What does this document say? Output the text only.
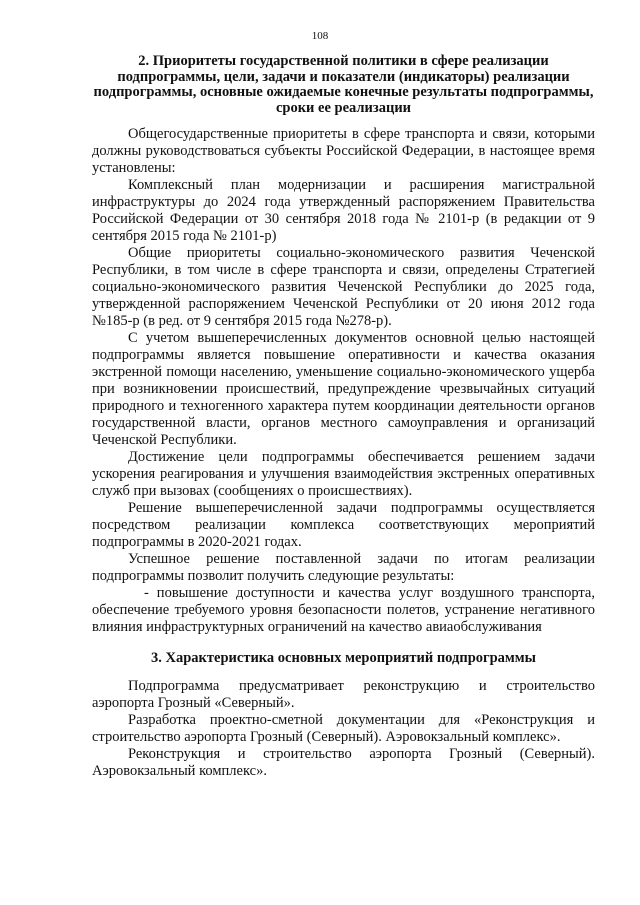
108
2. Приоритеты государственной политики в сфере реализации подпрограммы, цели, задачи и показатели (индикаторы) реализации подпрограммы, основные ожидаемые конечные результаты подпрограммы, сроки ее реализации

Общегосударственные приоритеты в сфере транспорта и связи, которыми должны руководствоваться субъекты Российской Федерации, в настоящее время установлены:

Комплексный план модернизации и расширения магистральной инфраструктуры до 2024 года утвержденный распоряжением Правительства Российской Федерации от 30 сентября 2018 года № 2101-р (в редакции от 9 сентября 2015 года № 2101-р)

Общие приоритеты социально-экономического развития Чеченской Республики, в том числе в сфере транспорта и связи, определены Стратегией социально-экономического развития Чеченской Республики до 2025 года, утвержденной распоряжением Чеченской Республики от 20 июня 2012 года №185-р (в ред. от 9 сентября 2015 года №278-р).

С учетом вышеперечисленных документов основной целью настоящей подпрограммы является повышение оперативности и качества оказания экстренной помощи населению, уменьшение социально-экономического ущерба при возникновении происшествий, предупреждение чрезвычайных ситуаций природного и техногенного характера путем координации деятельности органов государственной власти, органов местного самоуправления и организаций Чеченской Республики.

Достижение цели подпрограммы обеспечивается решением задачи ускорения реагирования и улучшения взаимодействия экстренных оперативных служб при вызовах (сообщениях о происшествиях).

Решение вышеперечисленной задачи подпрограммы осуществляется посредством реализации комплекса соответствующих мероприятий подпрограммы в 2020-2021 годах.

Успешное решение поставленной задачи по итогам реализации подпрограммы позволит получить следующие результаты:

- повышение доступности и качества услуг воздушного транспорта, обеспечение требуемого уровня безопасности полетов, устранение негативного влияния инфраструктурных ограничений на качество авиаобслуживания

3. Характеристика основных мероприятий подпрограммы

Подпрограмма предусматривает реконструкцию и строительство аэропорта Грозный «Северный».

Разработка проектно-сметной документации для «Реконструкция и строительство аэропорта Грозный (Северный). Аэровокзальный комплекс».

Реконструкция и строительство аэропорта Грозный (Северный). Аэровокзальный комплекс».
